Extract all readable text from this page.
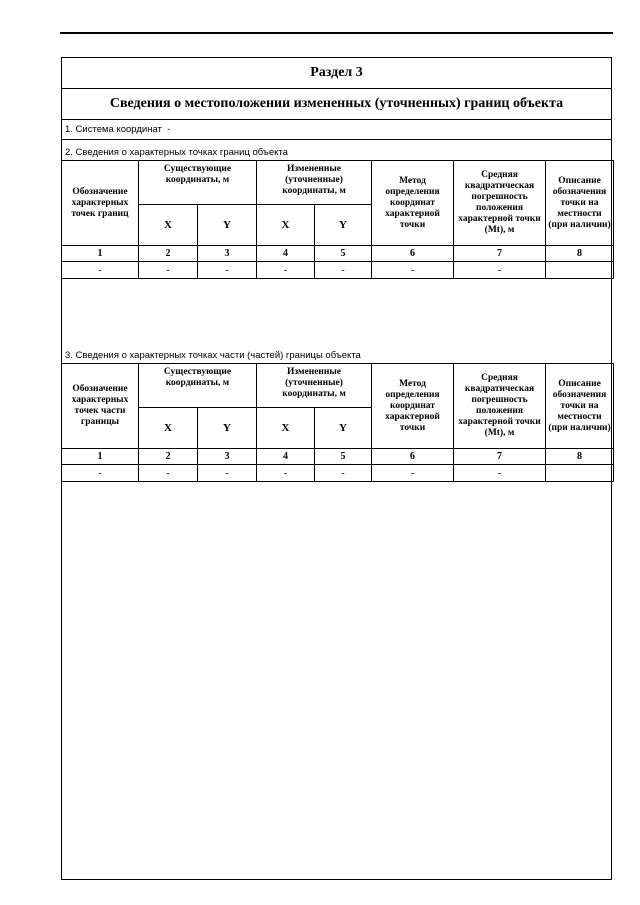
Раздел 3
Сведения о местоположении измененных (уточненных) границ объекта
1. Система координат
-
2. Сведения о характерных точках границ объекта
Обозначение характерных точек границ	Существующие координаты, м		Измененные (уточненные) координаты, м		Метод определения координат характерной точки	Средняя квадратическая погрешность положения характерной точки (Mt), м	Описание обозначения точки на местности (при наличии)
	X	Y	X	Y			
1	2	3	4	5	6	7	8
-	-	-	-	-	-	-	
3. Сведения о характерных точках части (частей) границы объекта
Обозначение характерных точек части границы	Существующие координаты, м		Измененные (уточненные) координаты, м		Метод определения координат характерной точки	Средняя квадратическая погрешность положения характерной точки (Mt), м	Описание обозначения точки на местности (при наличии)
	X	Y	X	Y			
1	2	3	4	5	6	7	8
-	-	-	-	-	-	-	
